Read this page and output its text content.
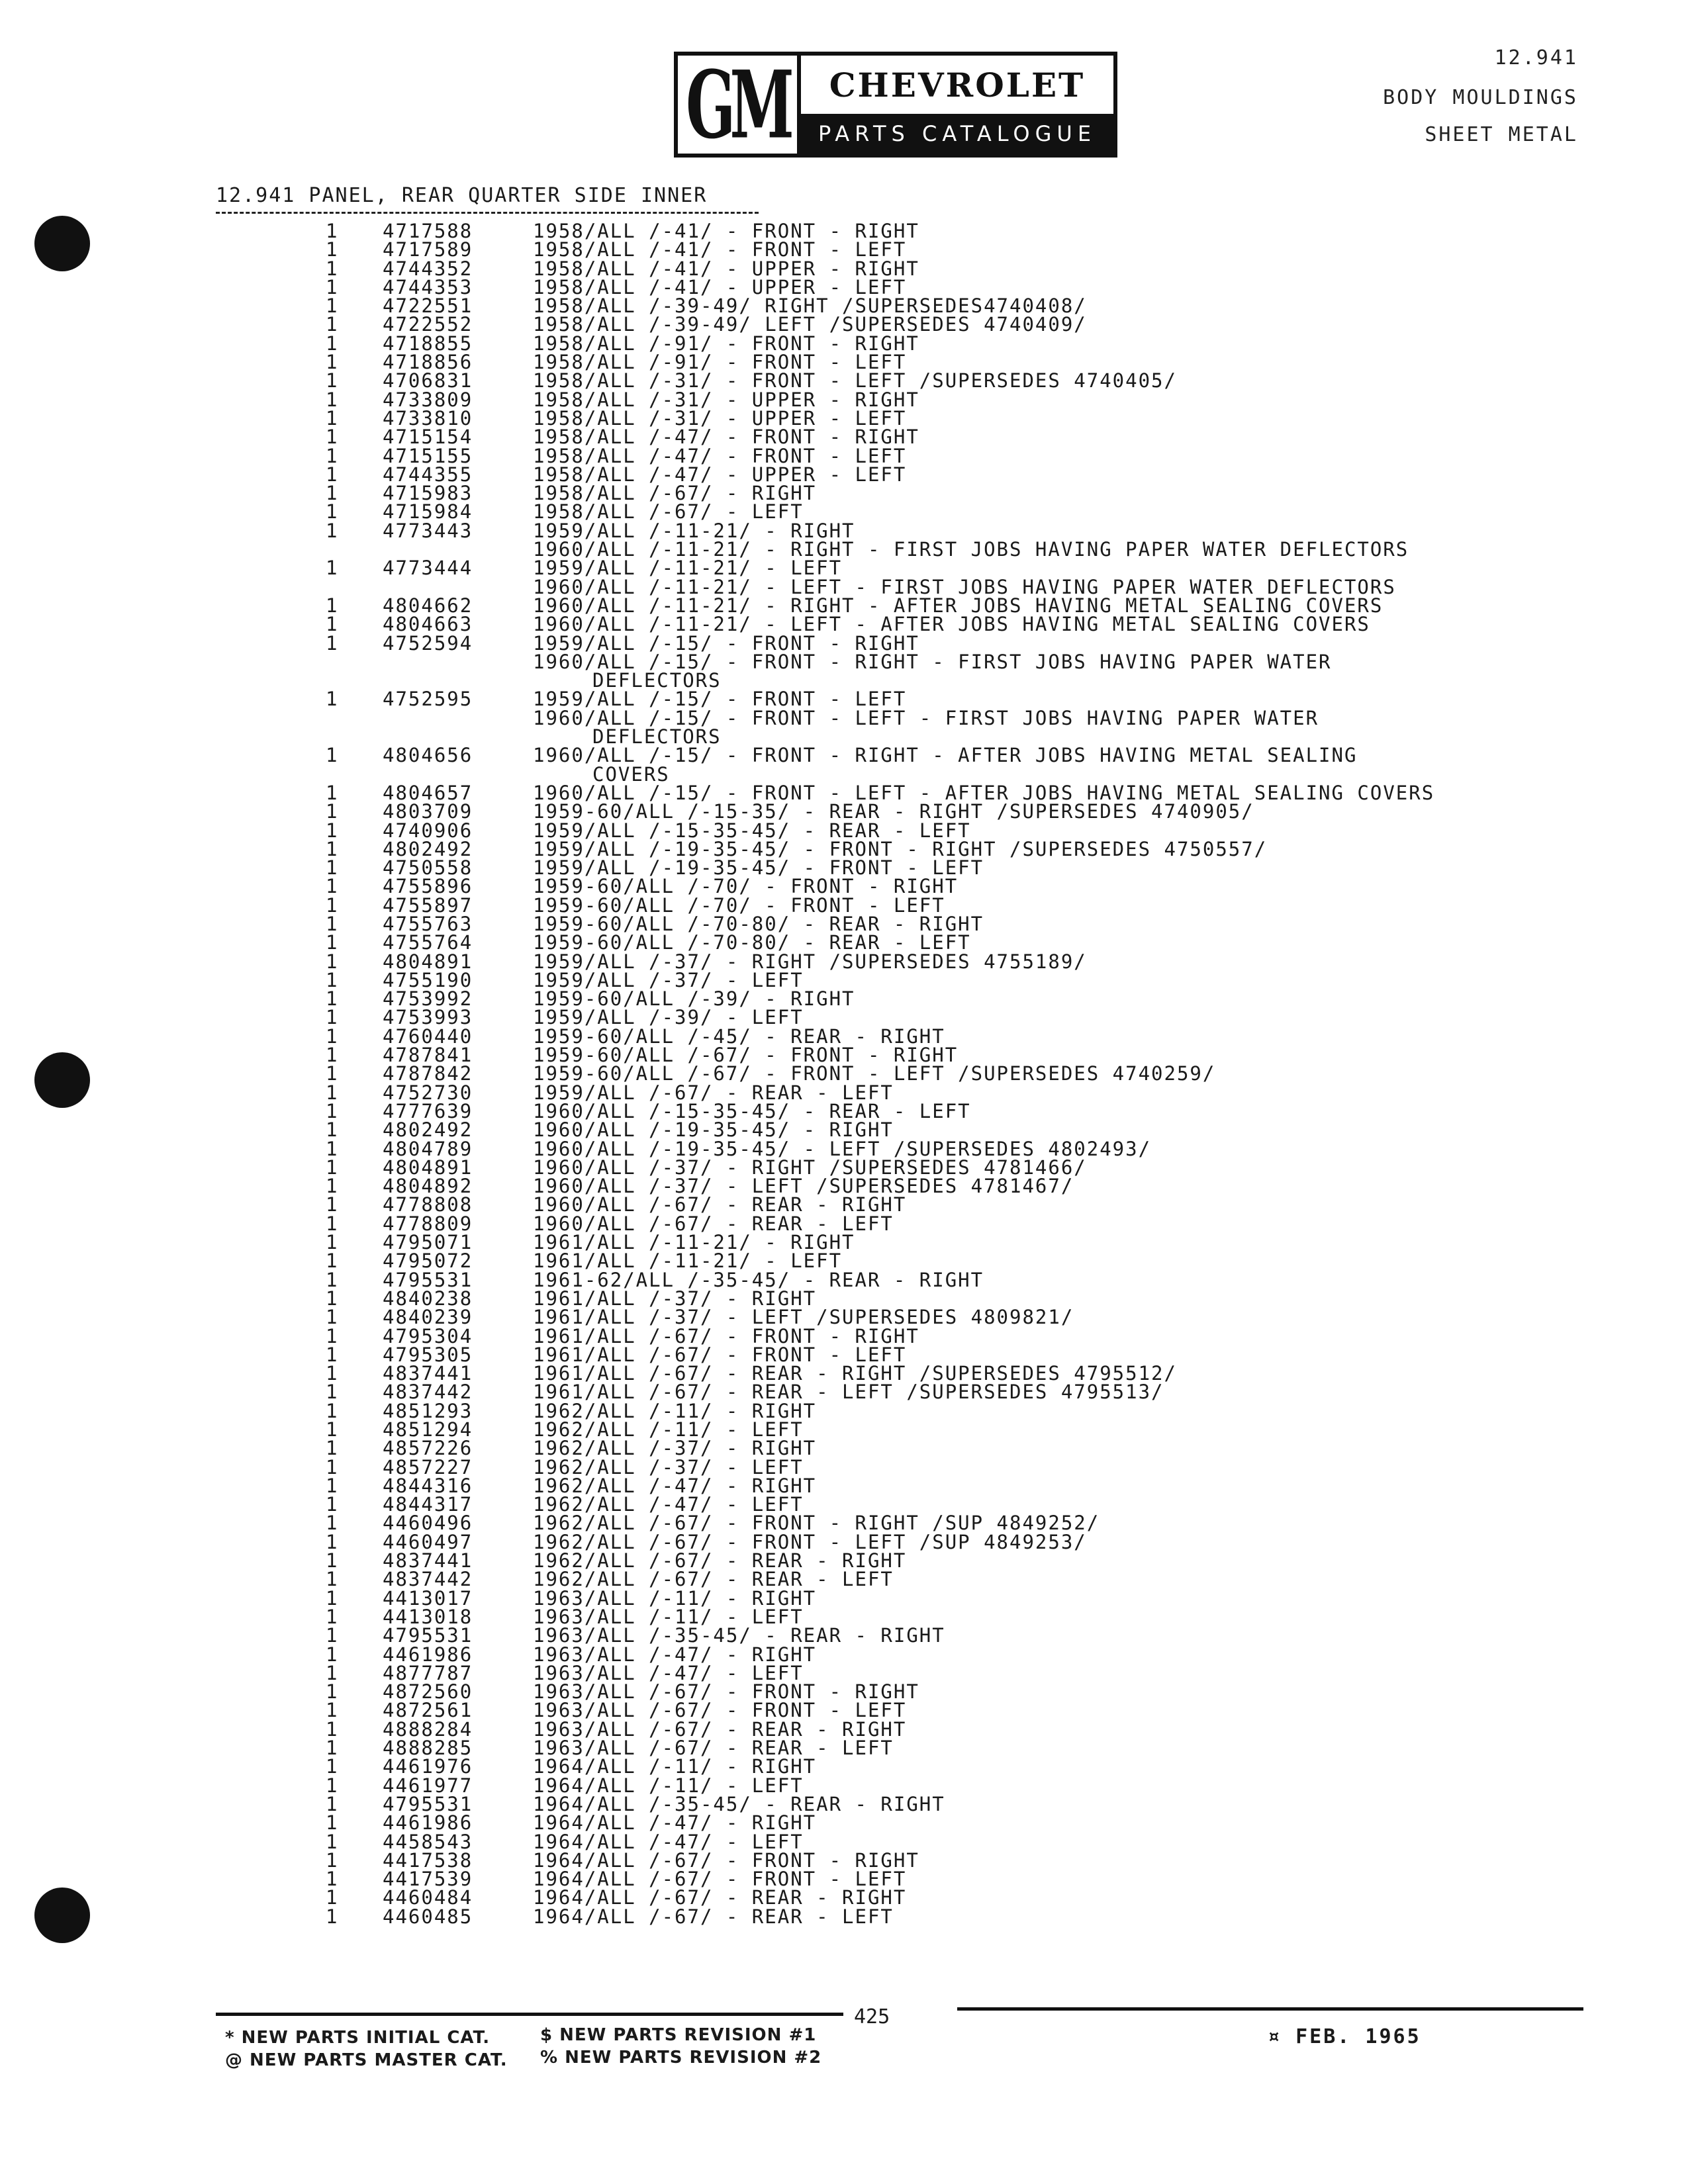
GM	CHEVROLET
PARTS CATALOGUE
12.941
BODY MOULDINGS
SHEET METAL
12.941 PANEL, REAR QUARTER SIDE INNER
1 4717588	1958/ALL /-41/ - FRONT - RIGHT
1 4717589	1958/ALL /-41/ - FRONT - LEFT
1 4744352	1958/ALL /-41/ - UPPER - RIGHT
1 4744353	1958/ALL /-41/ - UPPER - LEFT
1 4722551	1958/ALL /-39-49/ RIGHT /SUPERSEDES4740408/
1 4722552	1958/ALL /-39-49/ LEFT /SUPERSEDES 4740409/
1 4718855	1958/ALL /-91/ - FRONT - RIGHT
1 4718856	1958/ALL /-91/ - FRONT - LEFT
1 4706831	1958/ALL /-31/ - FRONT - LEFT /SUPERSEDES 4740405/
1 4733809	1958/ALL /-31/ - UPPER - RIGHT
1 4733810	1958/ALL /-31/ - UPPER - LEFT
1 4715154	1958/ALL /-47/ - FRONT - RIGHT
1 4715155	1958/ALL /-47/ - FRONT - LEFT
1 4744355	1958/ALL /-47/ - UPPER - LEFT
1 4715983	1958/ALL /-67/ - RIGHT
1 4715984	1958/ALL /-67/ - LEFT
1 4773443	1959/ALL /-11-21/ - RIGHT
1960/ALL /-11-21/ - RIGHT - FIRST JOBS HAVING PAPER WATER DEFLECTORS
1 4773444	1959/ALL /-11-21/ - LEFT
1960/ALL /-11-21/ - LEFT - FIRST JOBS HAVING PAPER WATER DEFLECTORS
1 4804662	1960/ALL /-11-21/ - RIGHT - AFTER JOBS HAVING METAL SEALING COVERS
1 4804663	1960/ALL /-11-21/ - LEFT - AFTER JOBS HAVING METAL SEALING COVERS
1 4752594	1959/ALL /-15/ - FRONT - RIGHT
1960/ALL /-15/ - FRONT - RIGHT - FIRST JOBS HAVING PAPER WATER
DEFLECTORS
1 4752595	1959/ALL /-15/ - FRONT - LEFT
1960/ALL /-15/ - FRONT - LEFT - FIRST JOBS HAVING PAPER WATER
DEFLECTORS
1 4804656	1960/ALL /-15/ - FRONT - RIGHT - AFTER JOBS HAVING METAL SEALING
COVERS
1 4804657	1960/ALL /-15/ - FRONT - LEFT - AFTER JOBS HAVING METAL SEALING COVERS
1 4803709	1959-60/ALL /-15-35/ - REAR - RIGHT /SUPERSEDES 4740905/
1 4740906	1959/ALL /-15-35-45/ - REAR - LEFT
1 4802492	1959/ALL /-19-35-45/ - FRONT - RIGHT /SUPERSEDES 4750557/
1 4750558	1959/ALL /-19-35-45/ - FRONT - LEFT
1 4755896	1959-60/ALL /-70/ - FRONT - RIGHT
1 4755897	1959-60/ALL /-70/ - FRONT - LEFT
1 4755763	1959-60/ALL /-70-80/ - REAR - RIGHT
1 4755764	1959-60/ALL /-70-80/ - REAR - LEFT
1 4804891	1959/ALL /-37/ - RIGHT /SUPERSEDES 4755189/
1 4755190	1959/ALL /-37/ - LEFT
1 4753992	1959-60/ALL /-39/ - RIGHT
1 4753993	1959/ALL /-39/ - LEFT
1 4760440	1959-60/ALL /-45/ - REAR - RIGHT
1 4787841	1959-60/ALL /-67/ - FRONT - RIGHT
1 4787842	1959-60/ALL /-67/ - FRONT - LEFT /SUPERSEDES 4740259/
1 4752730	1959/ALL /-67/ - REAR - LEFT
1 4777639	1960/ALL /-15-35-45/ - REAR - LEFT
1 4802492	1960/ALL /-19-35-45/ - RIGHT
1 4804789	1960/ALL /-19-35-45/ - LEFT /SUPERSEDES 4802493/
1 4804891	1960/ALL /-37/ - RIGHT /SUPERSEDES 4781466/
1 4804892	1960/ALL /-37/ - LEFT /SUPERSEDES 4781467/
1 4778808	1960/ALL /-67/ - REAR - RIGHT
1 4778809	1960/ALL /-67/ - REAR - LEFT
1 4795071	1961/ALL /-11-21/ - RIGHT
1 4795072	1961/ALL /-11-21/ - LEFT
1 4795531	1961-62/ALL /-35-45/ - REAR - RIGHT
1 4840238	1961/ALL /-37/ - RIGHT
1 4840239	1961/ALL /-37/ - LEFT /SUPERSEDES 4809821/
1 4795304	1961/ALL /-67/ - FRONT - RIGHT
1 4795305	1961/ALL /-67/ - FRONT - LEFT
1 4837441	1961/ALL /-67/ - REAR - RIGHT /SUPERSEDES 4795512/
1 4837442	1961/ALL /-67/ - REAR - LEFT /SUPERSEDES 4795513/
1 4851293	1962/ALL /-11/ - RIGHT
1 4851294	1962/ALL /-11/ - LEFT
1 4857226	1962/ALL /-37/ - RIGHT
1 4857227	1962/ALL /-37/ - LEFT
1 4844316	1962/ALL /-47/ - RIGHT
1 4844317	1962/ALL /-47/ - LEFT
1 4460496	1962/ALL /-67/ - FRONT - RIGHT /SUP 4849252/
1 4460497	1962/ALL /-67/ - FRONT - LEFT /SUP 4849253/
1 4837441	1962/ALL /-67/ - REAR - RIGHT
1 4837442	1962/ALL /-67/ - REAR - LEFT
1 4413017	1963/ALL /-11/ - RIGHT
1 4413018	1963/ALL /-11/ - LEFT
1 4795531	1963/ALL /-35-45/ - REAR - RIGHT
1 4461986	1963/ALL /-47/ - RIGHT
1 4877787	1963/ALL /-47/ - LEFT
1 4872560	1963/ALL /-67/ - FRONT - RIGHT
1 4872561	1963/ALL /-67/ - FRONT - LEFT
1 4888284	1963/ALL /-67/ - REAR - RIGHT
1 4888285	1963/ALL /-67/ - REAR - LEFT
1 4461976	1964/ALL /-11/ - RIGHT
1 4461977	1964/ALL /-11/ - LEFT
1 4795531	1964/ALL /-35-45/ - REAR - RIGHT
1 4461986	1964/ALL /-47/ - RIGHT
1 4458543	1964/ALL /-47/ - LEFT
1 4417538	1964/ALL /-67/ - FRONT - RIGHT
1 4417539	1964/ALL /-67/ - FRONT - LEFT
1 4460484	1964/ALL /-67/ - REAR - RIGHT
1 4460485	1964/ALL /-67/ - REAR - LEFT
425
* NEW PARTS INITIAL CAT.
@ NEW PARTS MASTER CAT.
$ NEW PARTS REVISION #1
% NEW PARTS REVISION #2
¤ FEB. 1965
